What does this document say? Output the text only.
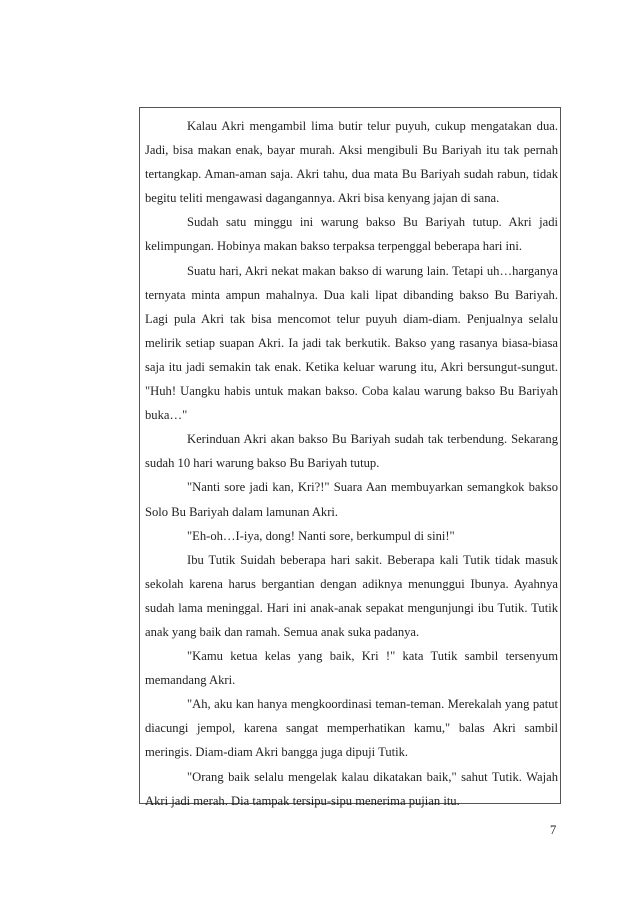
Kalau Akri mengambil lima butir telur puyuh, cukup mengatakan dua. Jadi, bisa makan enak, bayar murah. Aksi mengibuli Bu Bariyah itu tak pernah tertangkap. Aman-aman saja. Akri tahu, dua mata Bu Bariyah sudah rabun, tidak begitu teliti mengawasi dagangannya. Akri bisa kenyang jajan di sana.

Sudah satu minggu ini warung bakso Bu Bariyah tutup. Akri jadi kelimpungan. Hobinya makan bakso terpaksa terpenggal beberapa hari ini.

Suatu hari, Akri nekat makan bakso di warung lain. Tetapi uh…harganya ternyata minta ampun mahalnya. Dua kali lipat dibanding bakso Bu Bariyah. Lagi pula Akri tak bisa mencomot telur puyuh diam-diam. Penjualnya selalu melirik setiap suapan Akri. Ia jadi tak berkutik. Bakso yang rasanya biasa-biasa saja itu jadi semakin tak enak. Ketika keluar warung itu, Akri bersungut-sungut.

"Huh! Uangku habis untuk makan bakso. Coba kalau warung bakso Bu Bariyah buka…"

Kerinduan Akri akan bakso Bu Bariyah sudah tak terbendung. Sekarang sudah 10 hari warung bakso Bu Bariyah tutup.

"Nanti sore jadi kan, Kri?!" Suara Aan membuyarkan semangkok bakso Solo Bu Bariyah dalam lamunan Akri.

"Eh-oh…I-iya, dong! Nanti sore, berkumpul di sini!"

Ibu Tutik Suidah beberapa hari sakit. Beberapa kali Tutik tidak masuk sekolah karena harus bergantian dengan adiknya menunggui Ibunya. Ayahnya sudah lama meninggal. Hari ini anak-anak sepakat mengunjungi ibu Tutik. Tutik anak yang baik dan ramah. Semua anak suka padanya.

"Kamu ketua kelas yang baik, Kri !" kata Tutik sambil tersenyum memandang Akri.

"Ah, aku kan hanya mengkoordinasi teman-teman. Merekalah yang patut diacungi jempol, karena sangat memperhatikan kamu," balas Akri sambil meringis. Diam-diam Akri bangga juga dipuji Tutik.

"Orang baik selalu mengelak kalau dikatakan baik," sahut Tutik. Wajah Akri jadi merah. Dia tampak tersipu-sipu menerima pujian itu.

7
